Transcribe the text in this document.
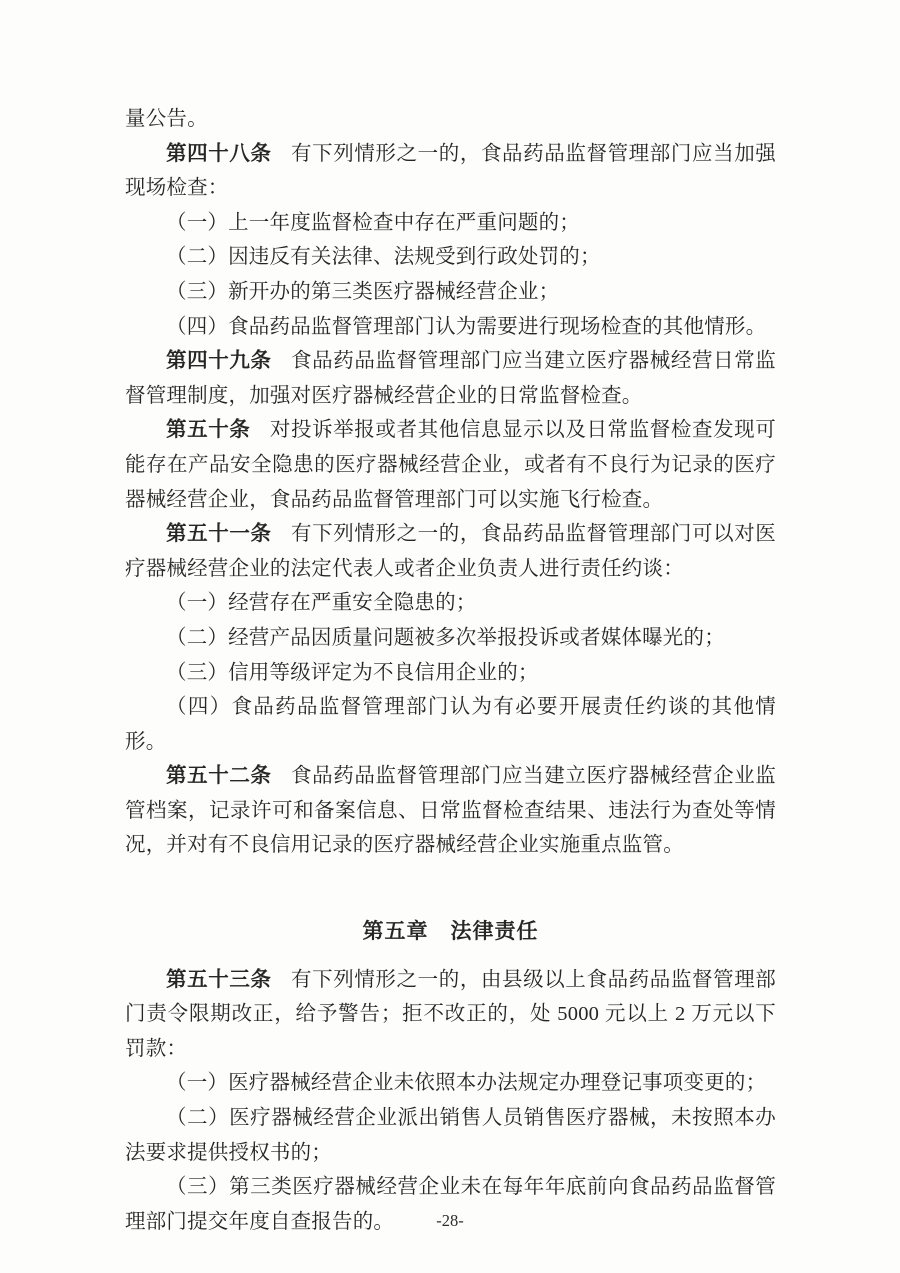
量公告。

第四十八条 有下列情形之一的，食品药品监督管理部门应当加强现场检查：

（一）上一年度监督检查中存在严重问题的；

（二）因违反有关法律、法规受到行政处罚的；

（三）新开办的第三类医疗器械经营企业；

（四）食品药品监督管理部门认为需要进行现场检查的其他情形。

第四十九条 食品药品监督管理部门应当建立医疗器械经营日常监督管理制度，加强对医疗器械经营企业的日常监督检查。

第五十条 对投诉举报或者其他信息显示以及日常监督检查发现可能存在产品安全隐患的医疗器械经营企业，或者有不良行为记录的医疗器械经营企业，食品药品监督管理部门可以实施飞行检查。

第五十一条 有下列情形之一的，食品药品监督管理部门可以对医疗器械经营企业的法定代表人或者企业负责人进行责任约谈：

（一）经营存在严重安全隐患的；

（二）经营产品因质量问题被多次举报投诉或者媒体曝光的；

（三）信用等级评定为不良信用企业的；

（四）食品药品监督管理部门认为有必要开展责任约谈的其他情形。

第五十二条 食品药品监督管理部门应当建立医疗器械经营企业监管档案，记录许可和备案信息、日常监督检查结果、违法行为查处等情况，并对有不良信用记录的医疗器械经营企业实施重点监管。

第五章　法律责任

第五十三条 有下列情形之一的，由县级以上食品药品监督管理部门责令限期改正，给予警告；拒不改正的，处 5000 元以上 2 万元以下罚款：

（一）医疗器械经营企业未依照本办法规定办理登记事项变更的；

（二）医疗器械经营企业派出销售人员销售医疗器械，未按照本办法要求提供授权书的；

（三）第三类医疗器械经营企业未在每年年底前向食品药品监督管理部门提交年度自查报告的。	-28-
